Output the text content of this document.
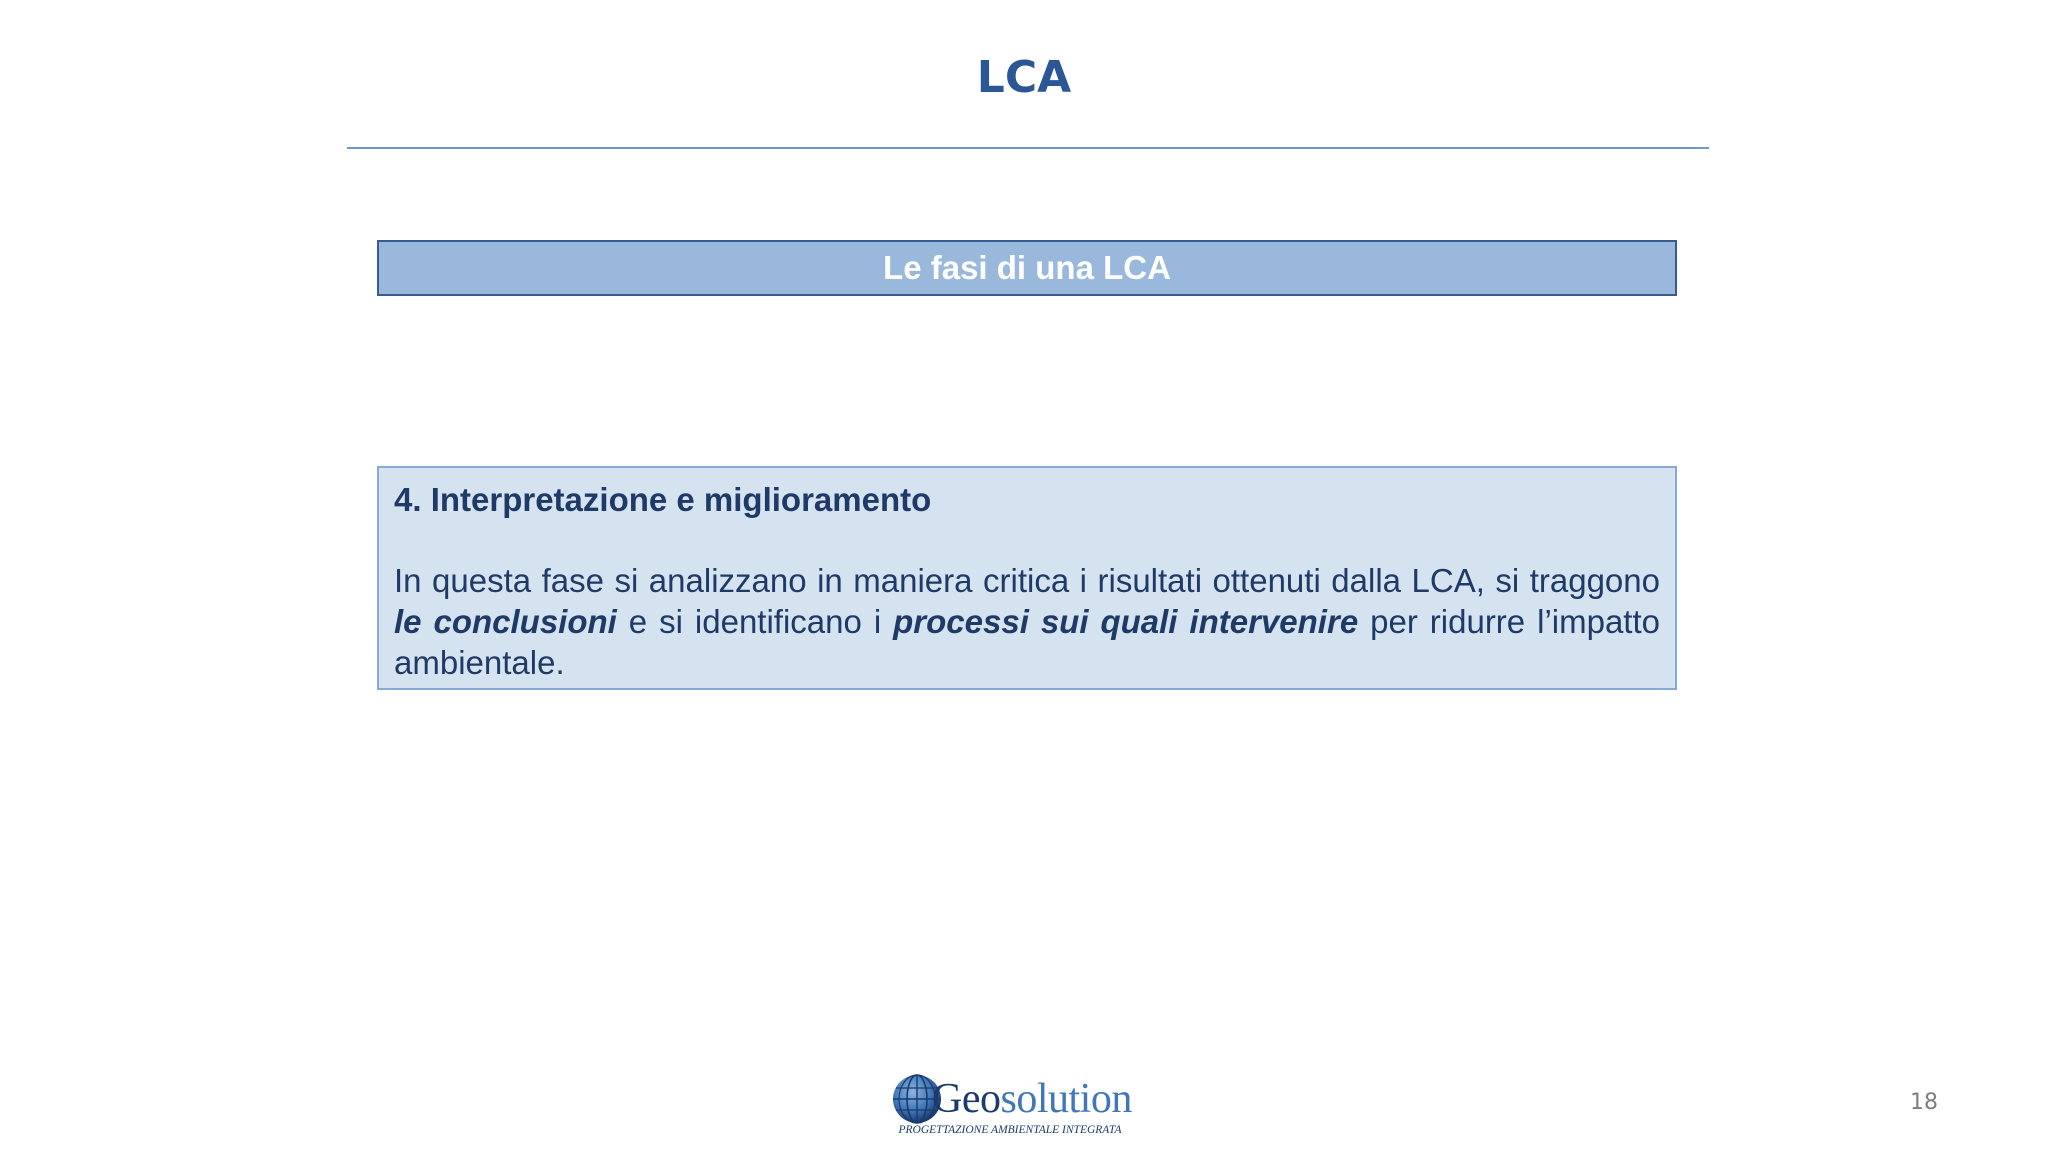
LCA
Le fasi di una LCA

4. Interpretazione e miglioramento

In questa fase si analizzano in maniera critica i risultati ottenuti dalla LCA, si traggono le conclusioni e si identificano i processi sui quali intervenire per ridurre l’impatto ambientale.

Geosolution
PROGETTAZIONE AMBIENTALE INTEGRATA
18
